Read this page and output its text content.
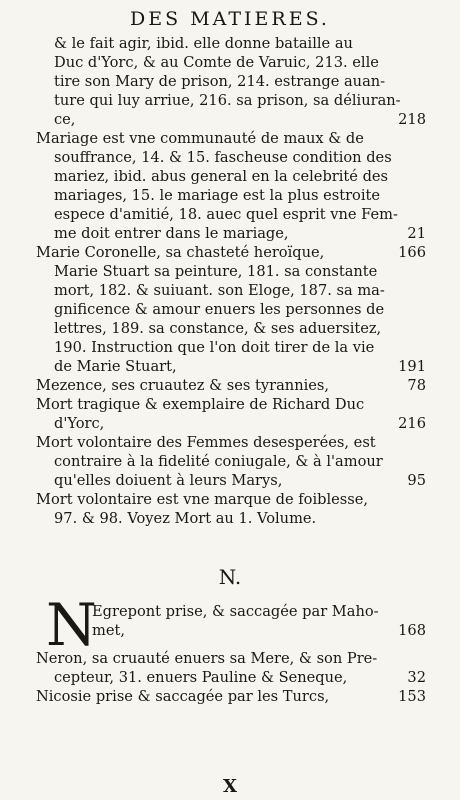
DES MATIERES.
& le fait agir, ibid. elle donne bataille au
Duc d'Yorc, & au Comte de Varuic, 213. elle
tire son Mary de prison, 214. estrange auan-
ture qui luy arriue, 216. sa prison, sa déliuran-
ce,	218
Mariage est vne communauté de maux & de
souffrance, 14. & 15. fascheuse condition des
mariez, ibid. abus general en la celebrité des
mariages, 15. le mariage est la plus estroite
espece d'amitié, 18. auec quel esprit vne Fem-
me doit entrer dans le mariage,	21
Marie Coronelle, sa chasteté heroïque,	166
Marie Stuart sa peinture, 181. sa constante
mort, 182. & suiuant. son Eloge, 187. sa ma-
gnificence & amour enuers les personnes de
lettres, 189. sa constance, & ses aduersitez,
190. Instruction que l'on doit tirer de la vie
de Marie Stuart,	191
Mezence, ses cruautez & ses tyrannies,	78
Mort tragique & exemplaire de Richard Duc
d'Yorc,	216
Mort volontaire des Femmes desesperées, est
contraire à la fidelité coniugale, & à l'amour
qu'elles doiuent à leurs Marys,	95
Mort volontaire est vne marque de foiblesse,
97. & 98. Voyez Mort au 1. Volume.
N.
N
Egrepont prise, & saccagée par Maho-
met,	168
Neron, sa cruauté enuers sa Mere, & son Pre-
cepteur, 31. enuers Pauline & Seneque,	32
Nicosie prise & saccagée par les Turcs,	153
X
